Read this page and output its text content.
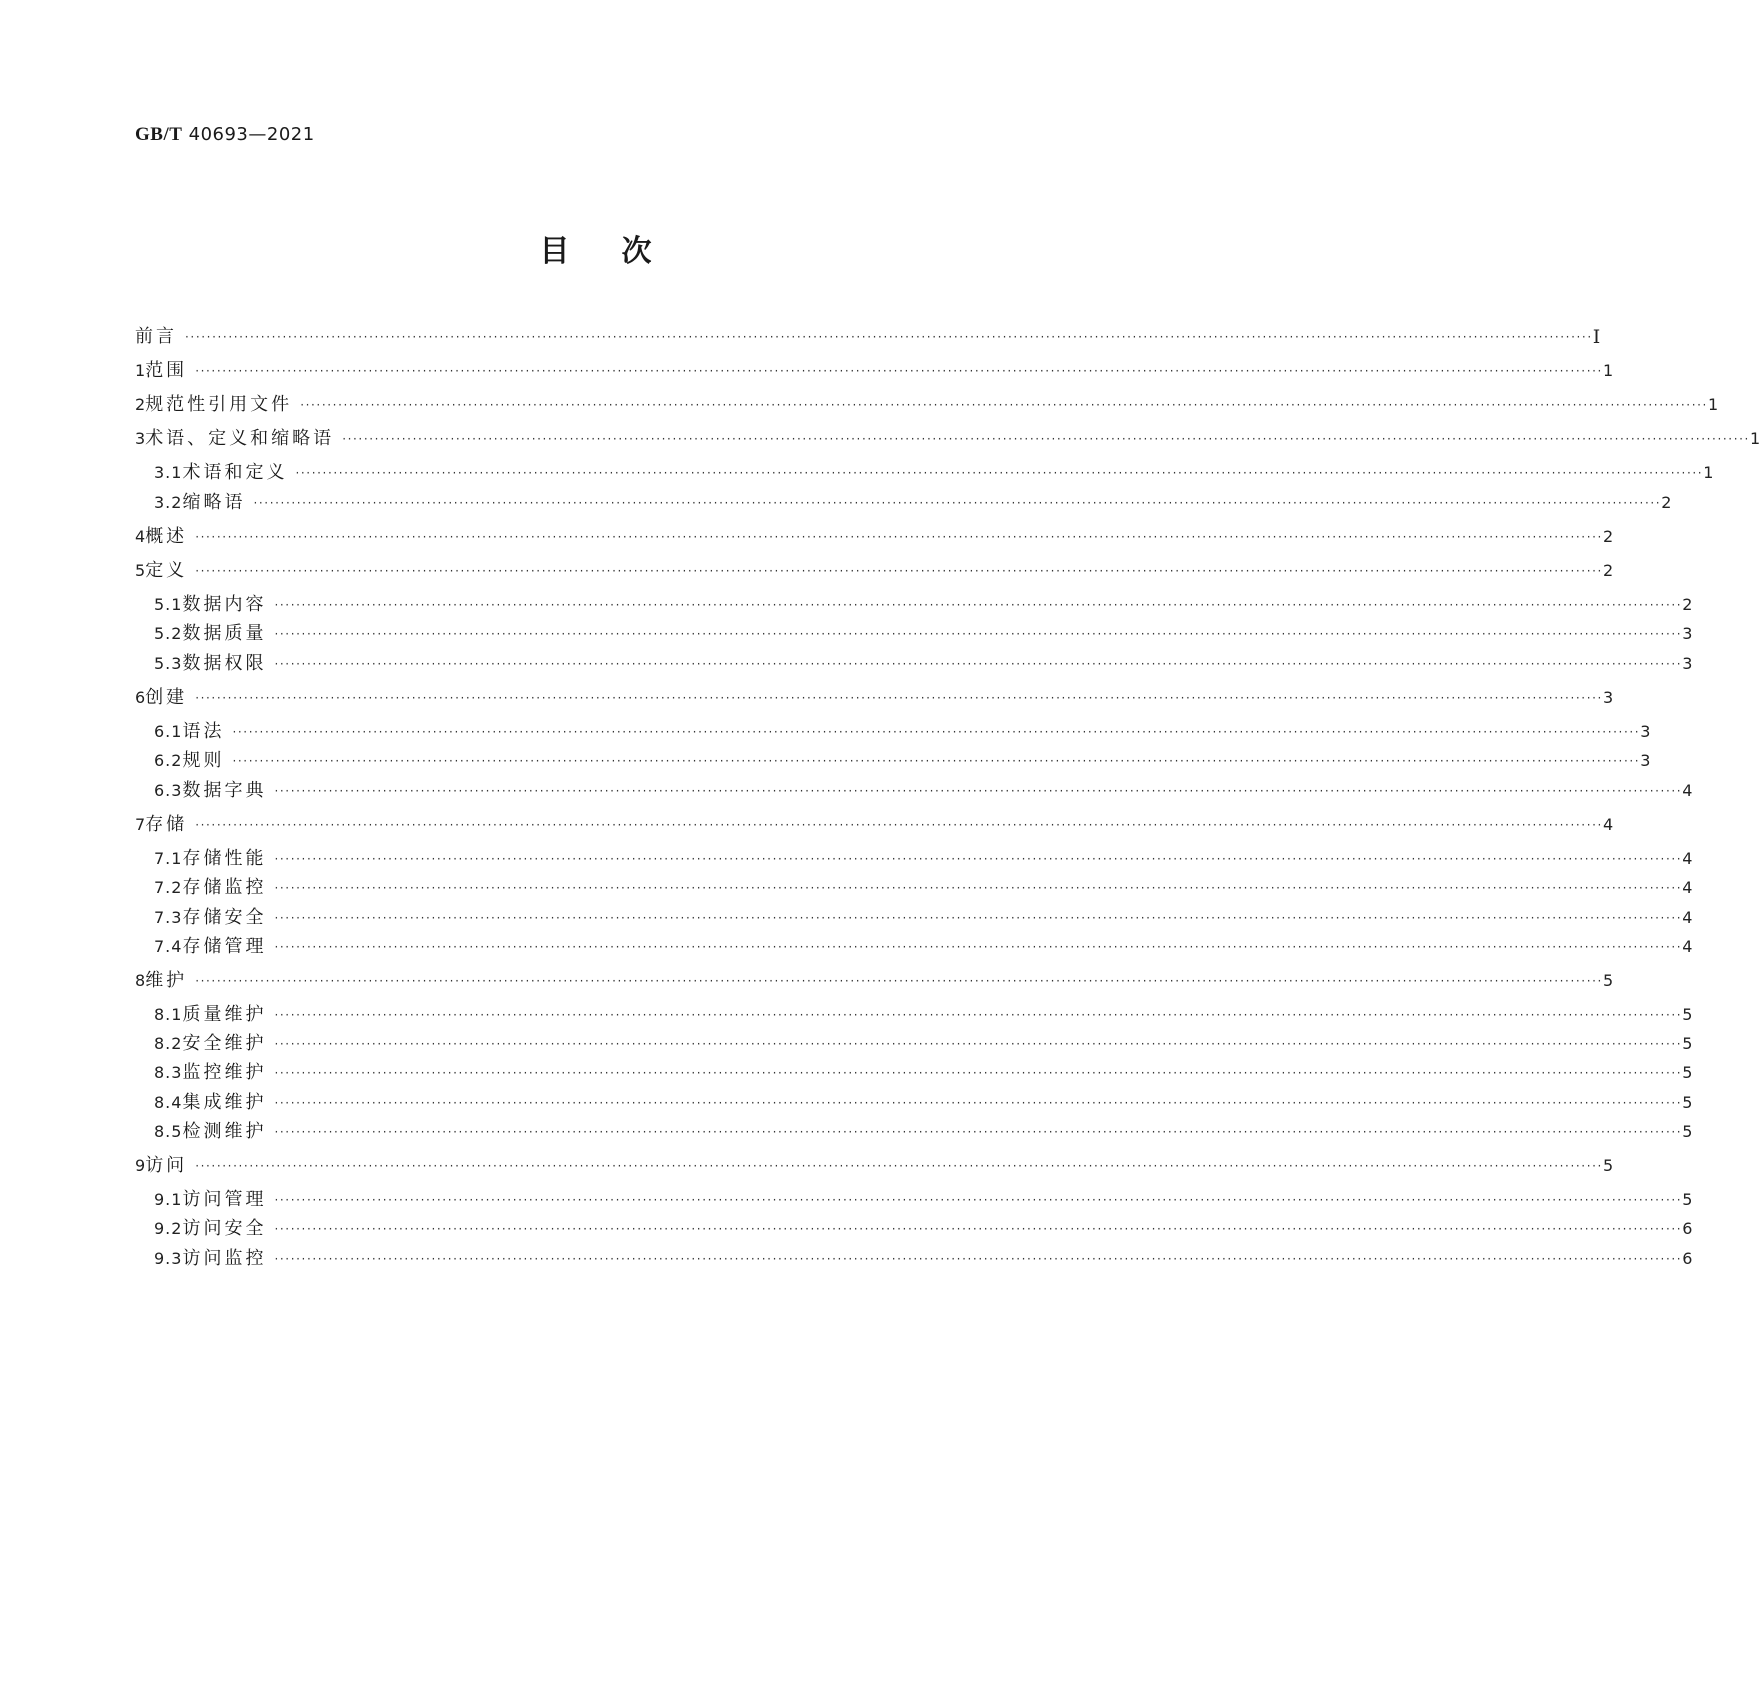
GB/T 40693—2021
目次
前言 ···································································································································································································································································· Ⅰ
1 范围 ···································································································································································································································································· 1
2 规范性引用文件 ···································································································································································································································································· 1
3 术语、定义和缩略语 ···································································································································································································································································· 1
3.1 术语和定义 ···································································································································································································································································· 1
3.2 缩略语 ···································································································································································································································································· 2
4 概述 ···································································································································································································································································· 2
5 定义 ···································································································································································································································································· 2
5.1 数据内容 ···································································································································································································································································· 2
5.2 数据质量 ···································································································································································································································································· 3
5.3 数据权限 ···································································································································································································································································· 3
6 创建 ···································································································································································································································································· 3
6.1 语法 ···································································································································································································································································· 3
6.2 规则 ···································································································································································································································································· 3
6.3 数据字典 ···································································································································································································································································· 4
7 存储 ···································································································································································································································································· 4
7.1 存储性能 ···································································································································································································································································· 4
7.2 存储监控 ···································································································································································································································································· 4
7.3 存储安全 ···································································································································································································································································· 4
7.4 存储管理 ···································································································································································································································································· 4
8 维护 ···································································································································································································································································· 5
8.1 质量维护 ···································································································································································································································································· 5
8.2 安全维护 ···································································································································································································································································· 5
8.3 监控维护 ···································································································································································································································································· 5
8.4 集成维护 ···································································································································································································································································· 5
8.5 检测维护 ···································································································································································································································································· 5
9 访问 ···································································································································································································································································· 5
9.1 访问管理 ···································································································································································································································································· 5
9.2 访问安全 ···································································································································································································································································· 6
9.3 访问监控 ···································································································································································································································································· 6
